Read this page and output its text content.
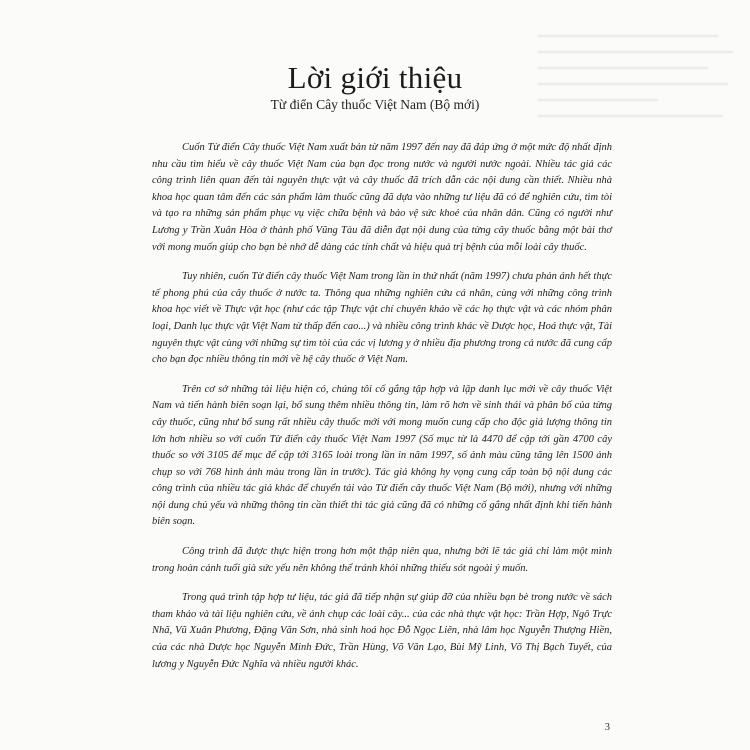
Lời giới thiệu
Từ điển Cây thuốc Việt Nam (Bộ mới)

Cuốn Từ điển Cây thuốc Việt Nam xuất bản từ năm 1997 đến nay đã đáp ứng ở một mức độ nhất định nhu cầu tìm hiểu về cây thuốc Việt Nam của bạn đọc trong nước và người nước ngoài. Nhiều tác giả các công trình liên quan đến tài nguyên thực vật và cây thuốc đã trích dẫn các nội dung cần thiết. Nhiều nhà khoa học quan tâm đến các sản phẩm làm thuốc cũng đã dựa vào những tư liệu đã có để nghiên cứu, tìm tòi và tạo ra những sản phẩm phục vụ việc chữa bệnh và bảo vệ sức khoẻ của nhân dân. Cũng có người như Lương y Trần Xuân Hòa ở thành phố Vũng Tàu đã diễn đạt nội dung của từng cây thuốc bằng một bài thơ với mong muốn giúp cho bạn bè nhớ dễ dàng các tính chất và hiệu quả trị bệnh của mỗi loài cây thuốc.

Tuy nhiên, cuốn Từ điển cây thuốc Việt Nam trong lần in thứ nhất (năm 1997) chưa phản ánh hết thực tế phong phú của cây thuốc ở nước ta. Thông qua những nghiên cứu cá nhân, cùng với những công trình khoa học viết về Thực vật học (như các tập Thực vật chí chuyên khảo về các họ thực vật và các nhóm phân loại, Danh lục thực vật Việt Nam từ thấp đến cao...) và nhiều công trình khác về Dược học, Hoá thực vật, Tài nguyên thực vật cùng với những sự tìm tòi của các vị lương y ở nhiều địa phương trong cả nước đã cung cấp cho bạn đọc nhiều thông tin mới về hệ cây thuốc ở Việt Nam.

Trên cơ sở những tài liệu hiện có, chúng tôi cố gắng tập hợp và lập danh lục mới về cây thuốc Việt Nam và tiến hành biên soạn lại, bổ sung thêm nhiều thông tin, làm rõ hơn về sinh thái và phân bố của từng cây thuốc, cũng như bổ sung rất nhiều cây thuốc mới với mong muốn cung cấp cho độc giả lượng thông tin lớn hơn nhiều so với cuốn Từ điển cây thuốc Việt Nam 1997 (Số mục từ là 4470 để cập tới gần 4700 cây thuốc so với 3105 để mục để cập tới 3165 loài trong lần in năm 1997, số ảnh màu cũng tăng lên 1500 ảnh chụp so với 768 hình ảnh màu trong lần in trước). Tác giả không hy vọng cung cấp toàn bộ nội dung các công trình của nhiều tác giả khác để chuyển tải vào Từ điển cây thuốc Việt Nam (Bộ mới), nhưng với những nội dung chủ yếu và những thông tin cần thiết thì tác giả cũng đã có những cố gắng nhất định khi tiến hành biên soạn.

Công trình đã được thực hiện trong hơn một thập niên qua, nhưng bởi lẽ tác giả chỉ làm một mình trong hoàn cảnh tuổi già sức yếu nên không thể tránh khỏi những thiếu sót ngoài ý muốn.

Trong quá trình tập hợp tư liệu, tác giả đã tiếp nhận sự giúp đỡ của nhiều bạn bè trong nước về sách tham khảo và tài liệu nghiên cứu, về ảnh chụp các loài cây... của các nhà thực vật học: Trần Hợp, Ngô Trực Nhã, Vũ Xuân Phương, Đặng Văn Sơn, nhà sinh hoá học Đỗ Ngọc Liên, nhà lâm học Nguyễn Thượng Hiền, của các nhà Dược học Nguyễn Minh Đức, Trần Hùng, Võ Văn Lạo, Bùi Mỹ Linh, Võ Thị Bạch Tuyết, của lương y Nguyễn Đức Nghĩa và nhiều người khác.

3
